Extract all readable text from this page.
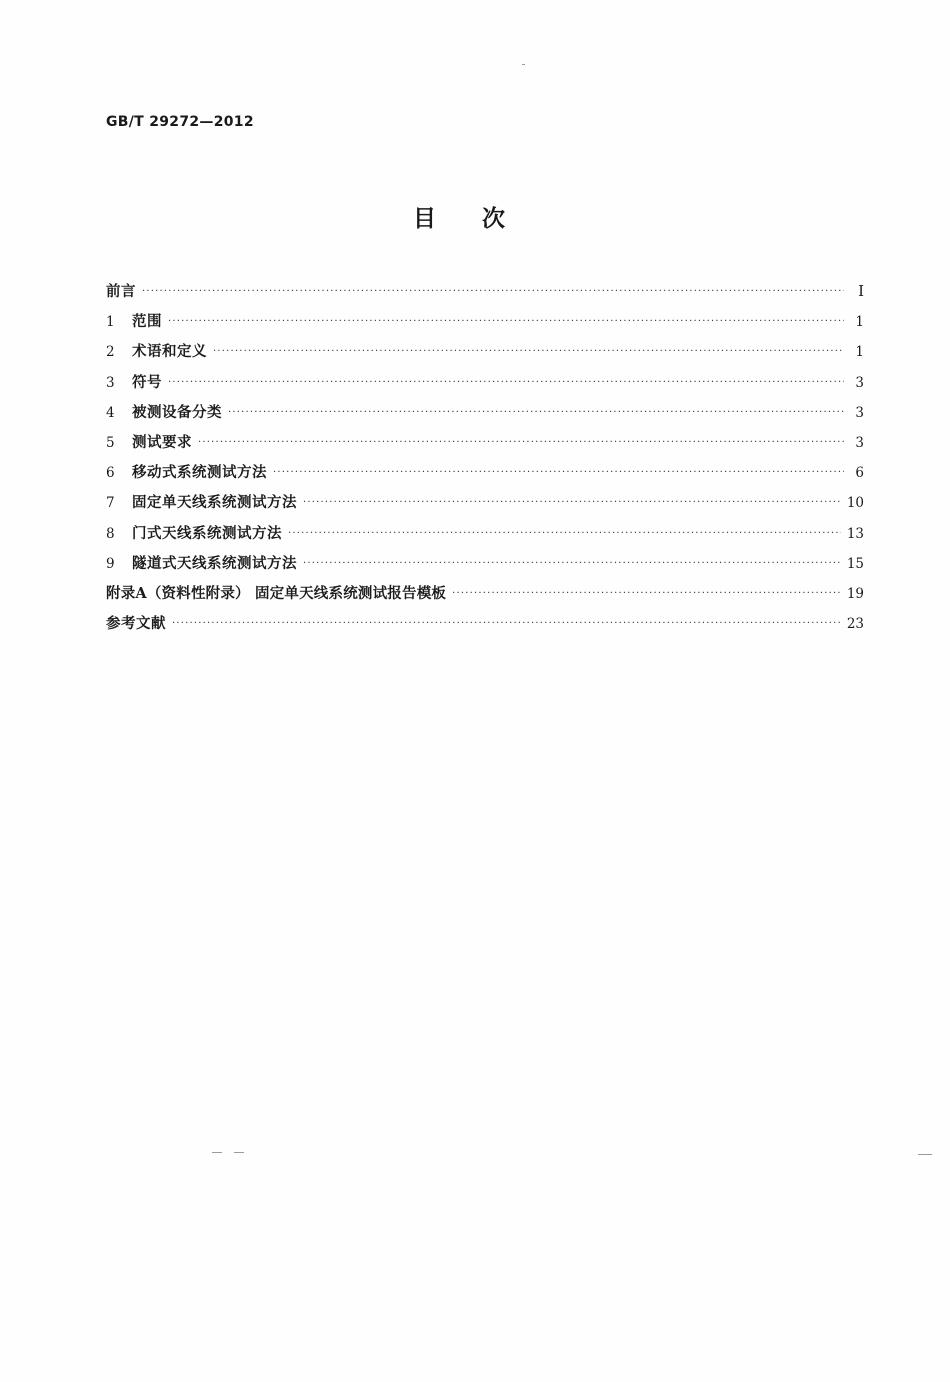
GB/T 29272—2012
目次
前言 ·····	I
1	范围 ·····	1
2	术语和定义 ·····	1
3	符号 ·····	3
4	被测设备分类 ·····	3
5	测试要求 ·····	3
6	移动式系统测试方法 ·····	6
7	固定单天线系统测试方法 ·····	10
8	门式天线系统测试方法 ·····	13
9	隧道式天线系统测试方法 ·····	15
附录A（资料性附录） 固定单天线系统测试报告模板 ·····	19
参考文献 ·····	23
